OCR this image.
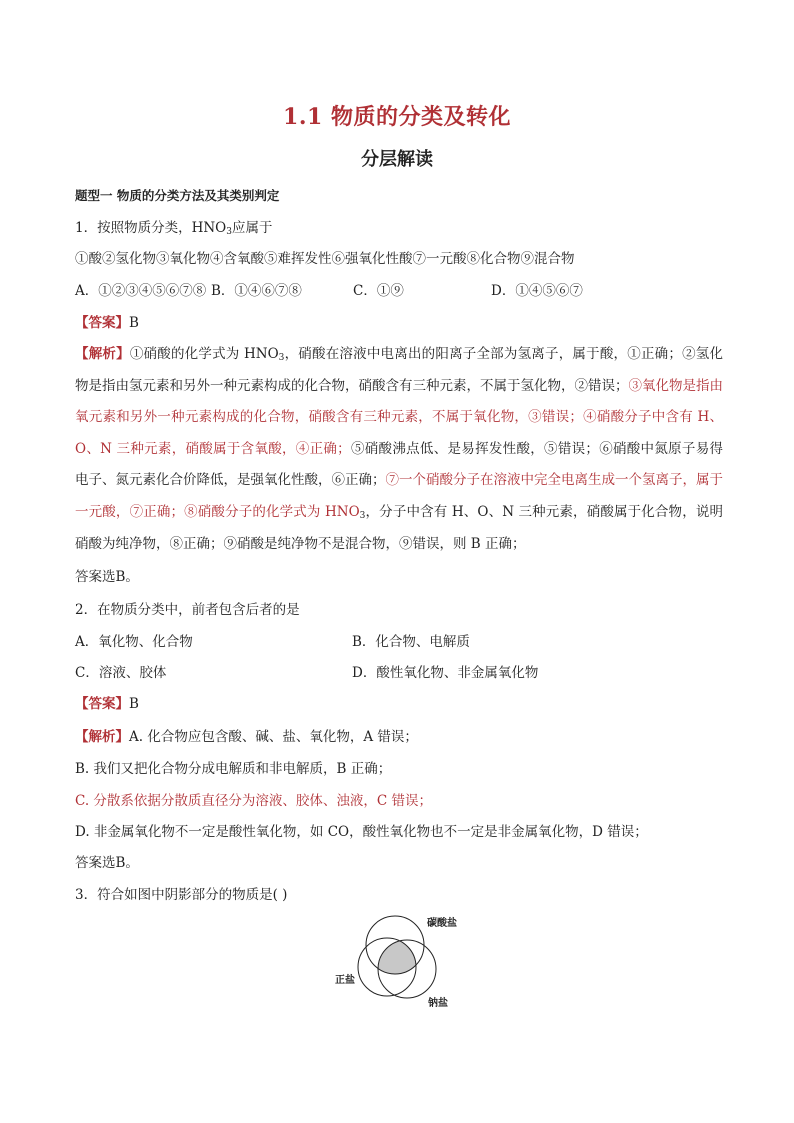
1.1 物质的分类及转化
分层解读
题型一 物质的分类方法及其类别判定
1．按照物质分类，$HNO_3$应属于
①酸②氢化物③氧化物④含氧酸⑤难挥发性⑥强氧化性酸⑦一元酸⑧化合物⑨混合物
A．①②③④⑤⑥⑦⑧ B．①④⑥⑦⑧	C．①⑨	D．①④⑤⑥⑦
【答案】B
【解析】①硝酸的化学式为 $HNO_3$，硝酸在溶液中电离出的阳离子全部为氢离子，属于酸，①正确；②氢化物是指由氢元素和另外一种元素构成的化合物，硝酸含有三种元素，不属于氢化物，②错误；③氧化物是指由氧元素和另外一种元素构成的化合物，硝酸含有三种元素，不属于氧化物，③错误；④硝酸分子中含有 H、O、N 三种元素，硝酸属于含氧酸，④正确；⑤硝酸沸点低、是易挥发性酸，⑤错误；⑥硝酸中氮原子易得电子、氮元素化合价降低，是强氧化性酸，⑥正确；⑦一个硝酸分子在溶液中完全电离生成一个氢离子，属于一元酸，⑦正确；⑧硝酸分子的化学式为 $HNO_3$，分子中含有 H、O、N 三种元素，硝酸属于化合物，说明硝酸为纯净物，⑧正确；⑨硝酸是纯净物不是混合物，⑨错误，则 B 正确；
答案选B。
2．在物质分类中，前者包含后者的是
A．氧化物、化合物	B．化合物、电解质
C．溶液、胶体	D．酸性氧化物、非金属氧化物
【答案】B
【解析】A. 化合物应包含酸、碱、盐、氧化物，A 错误；
B. 我们又把化合物分成电解质和非电解质，B 正确；
C. 分散系依据分散质直径分为溶液、胶体、浊液，C 错误；
D. 非金属氧化物不一定是酸性氧化物，如 CO，酸性氧化物也不一定是非金属氧化物，D 错误；
答案选B。
3．符合如图中阴影部分的物质是( )
碳酸盐
正盐
钠盐
